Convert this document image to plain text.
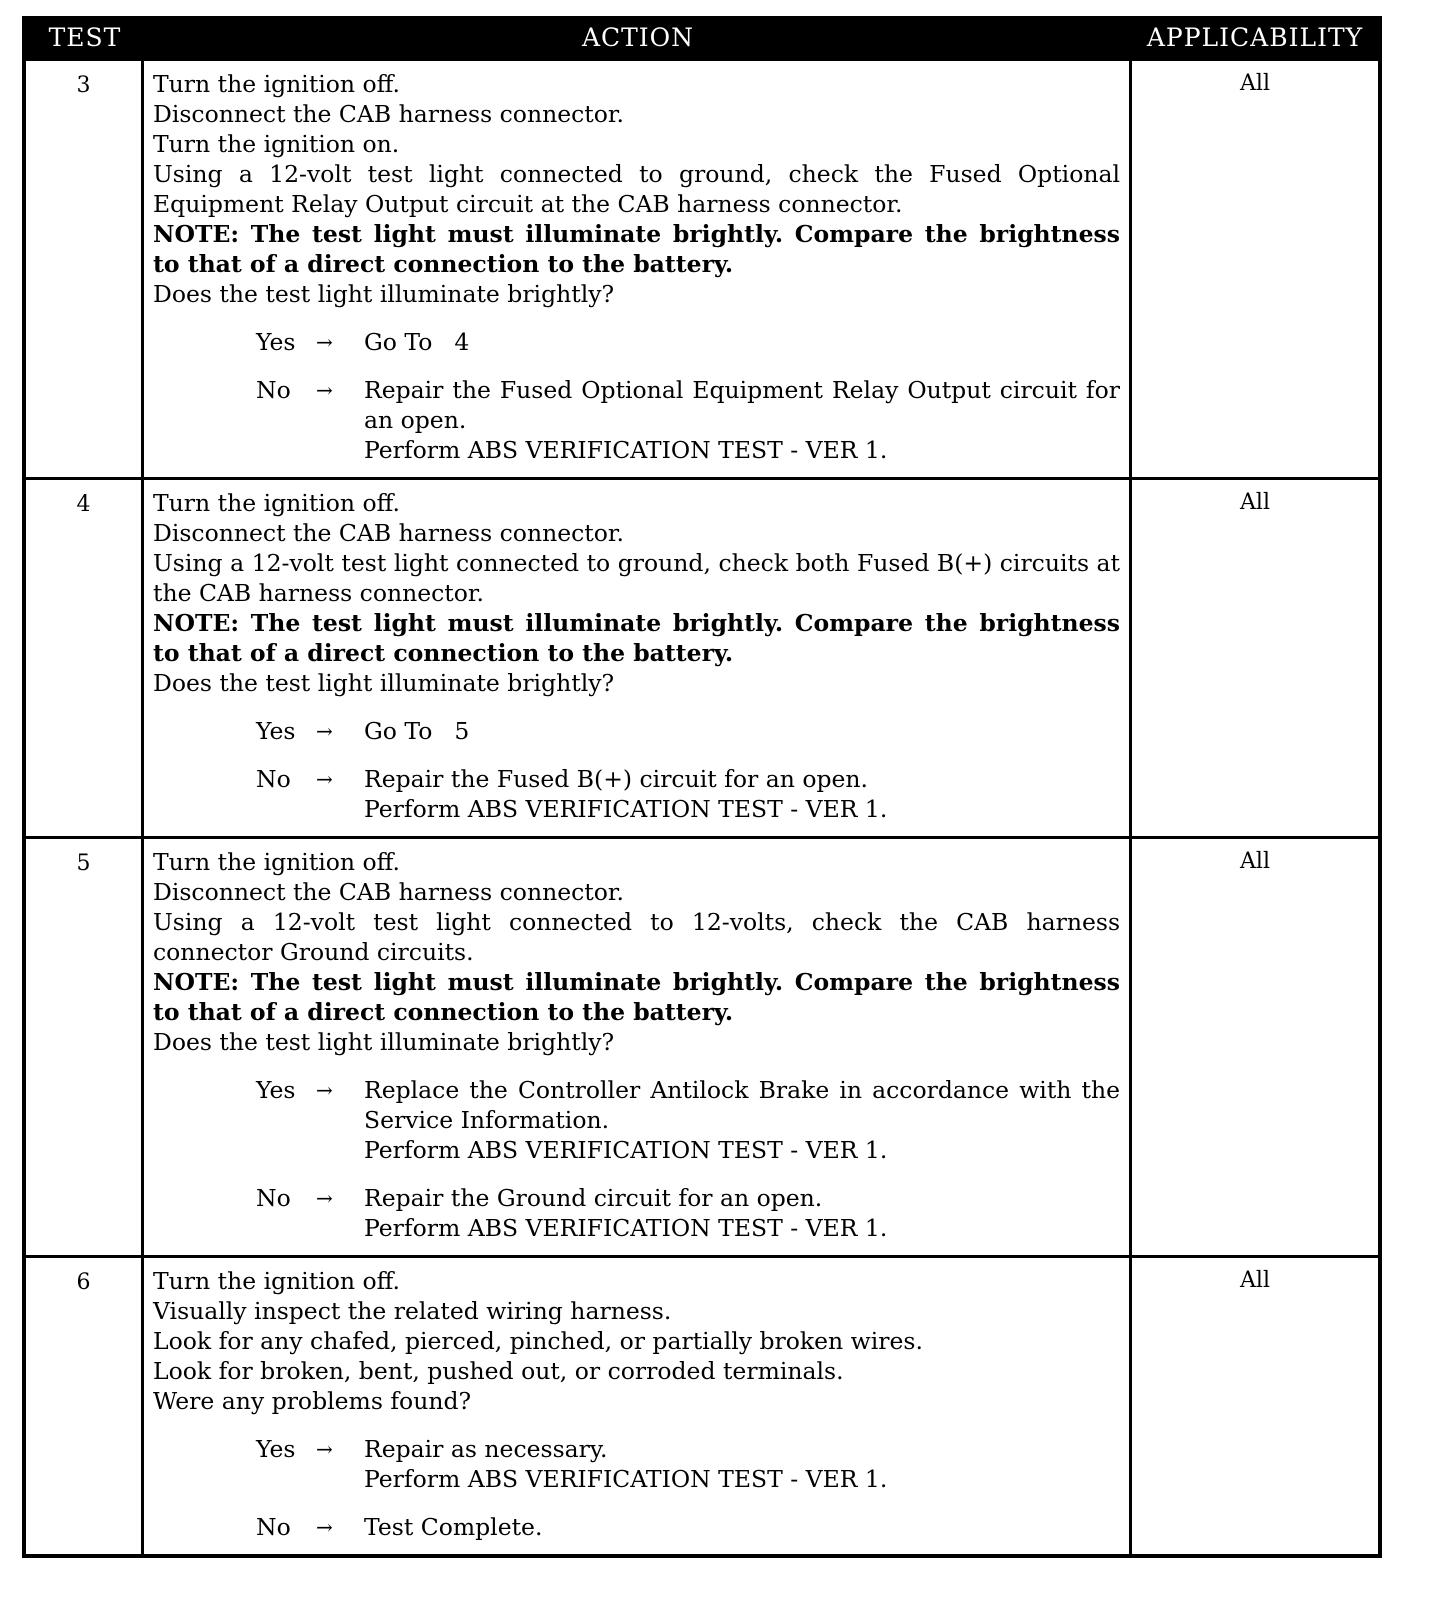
TEST	ACTION	APPLICABILITY
3	Turn the ignition off.
Disconnect the CAB harness connector.
Turn the ignition on.
Using a 12-volt test light connected to ground, check the Fused Optional Equipment Relay Output circuit at the CAB harness connector.
NOTE: The test light must illuminate brightly. Compare the brightness to that of a direct connection to the battery.
Does the test light illuminate brightly?
Yes	→	Go To 4
No	→	Repair the Fused Optional Equipment Relay Output circuit for an open.
Perform ABS VERIFICATION TEST - VER 1.
All
4	Turn the ignition off.
Disconnect the CAB harness connector.
Using a 12-volt test light connected to ground, check both Fused B(+) circuits at the CAB harness connector.
NOTE: The test light must illuminate brightly. Compare the brightness to that of a direct connection to the battery.
Does the test light illuminate brightly?
Yes	→	Go To 5
No	→	Repair the Fused B(+) circuit for an open.
Perform ABS VERIFICATION TEST - VER 1.
All
5	Turn the ignition off.
Disconnect the CAB harness connector.
Using a 12-volt test light connected to 12-volts, check the CAB harness connector Ground circuits.
NOTE: The test light must illuminate brightly. Compare the brightness to that of a direct connection to the battery.
Does the test light illuminate brightly?
Yes	→	Replace the Controller Antilock Brake in accordance with the Service Information.
Perform ABS VERIFICATION TEST - VER 1.
No	→	Repair the Ground circuit for an open.
Perform ABS VERIFICATION TEST - VER 1.
All
6	Turn the ignition off.
Visually inspect the related wiring harness.
Look for any chafed, pierced, pinched, or partially broken wires.
Look for broken, bent, pushed out, or corroded terminals.
Were any problems found?
Yes	→	Repair as necessary.
Perform ABS VERIFICATION TEST - VER 1.
No	→	Test Complete.
All
